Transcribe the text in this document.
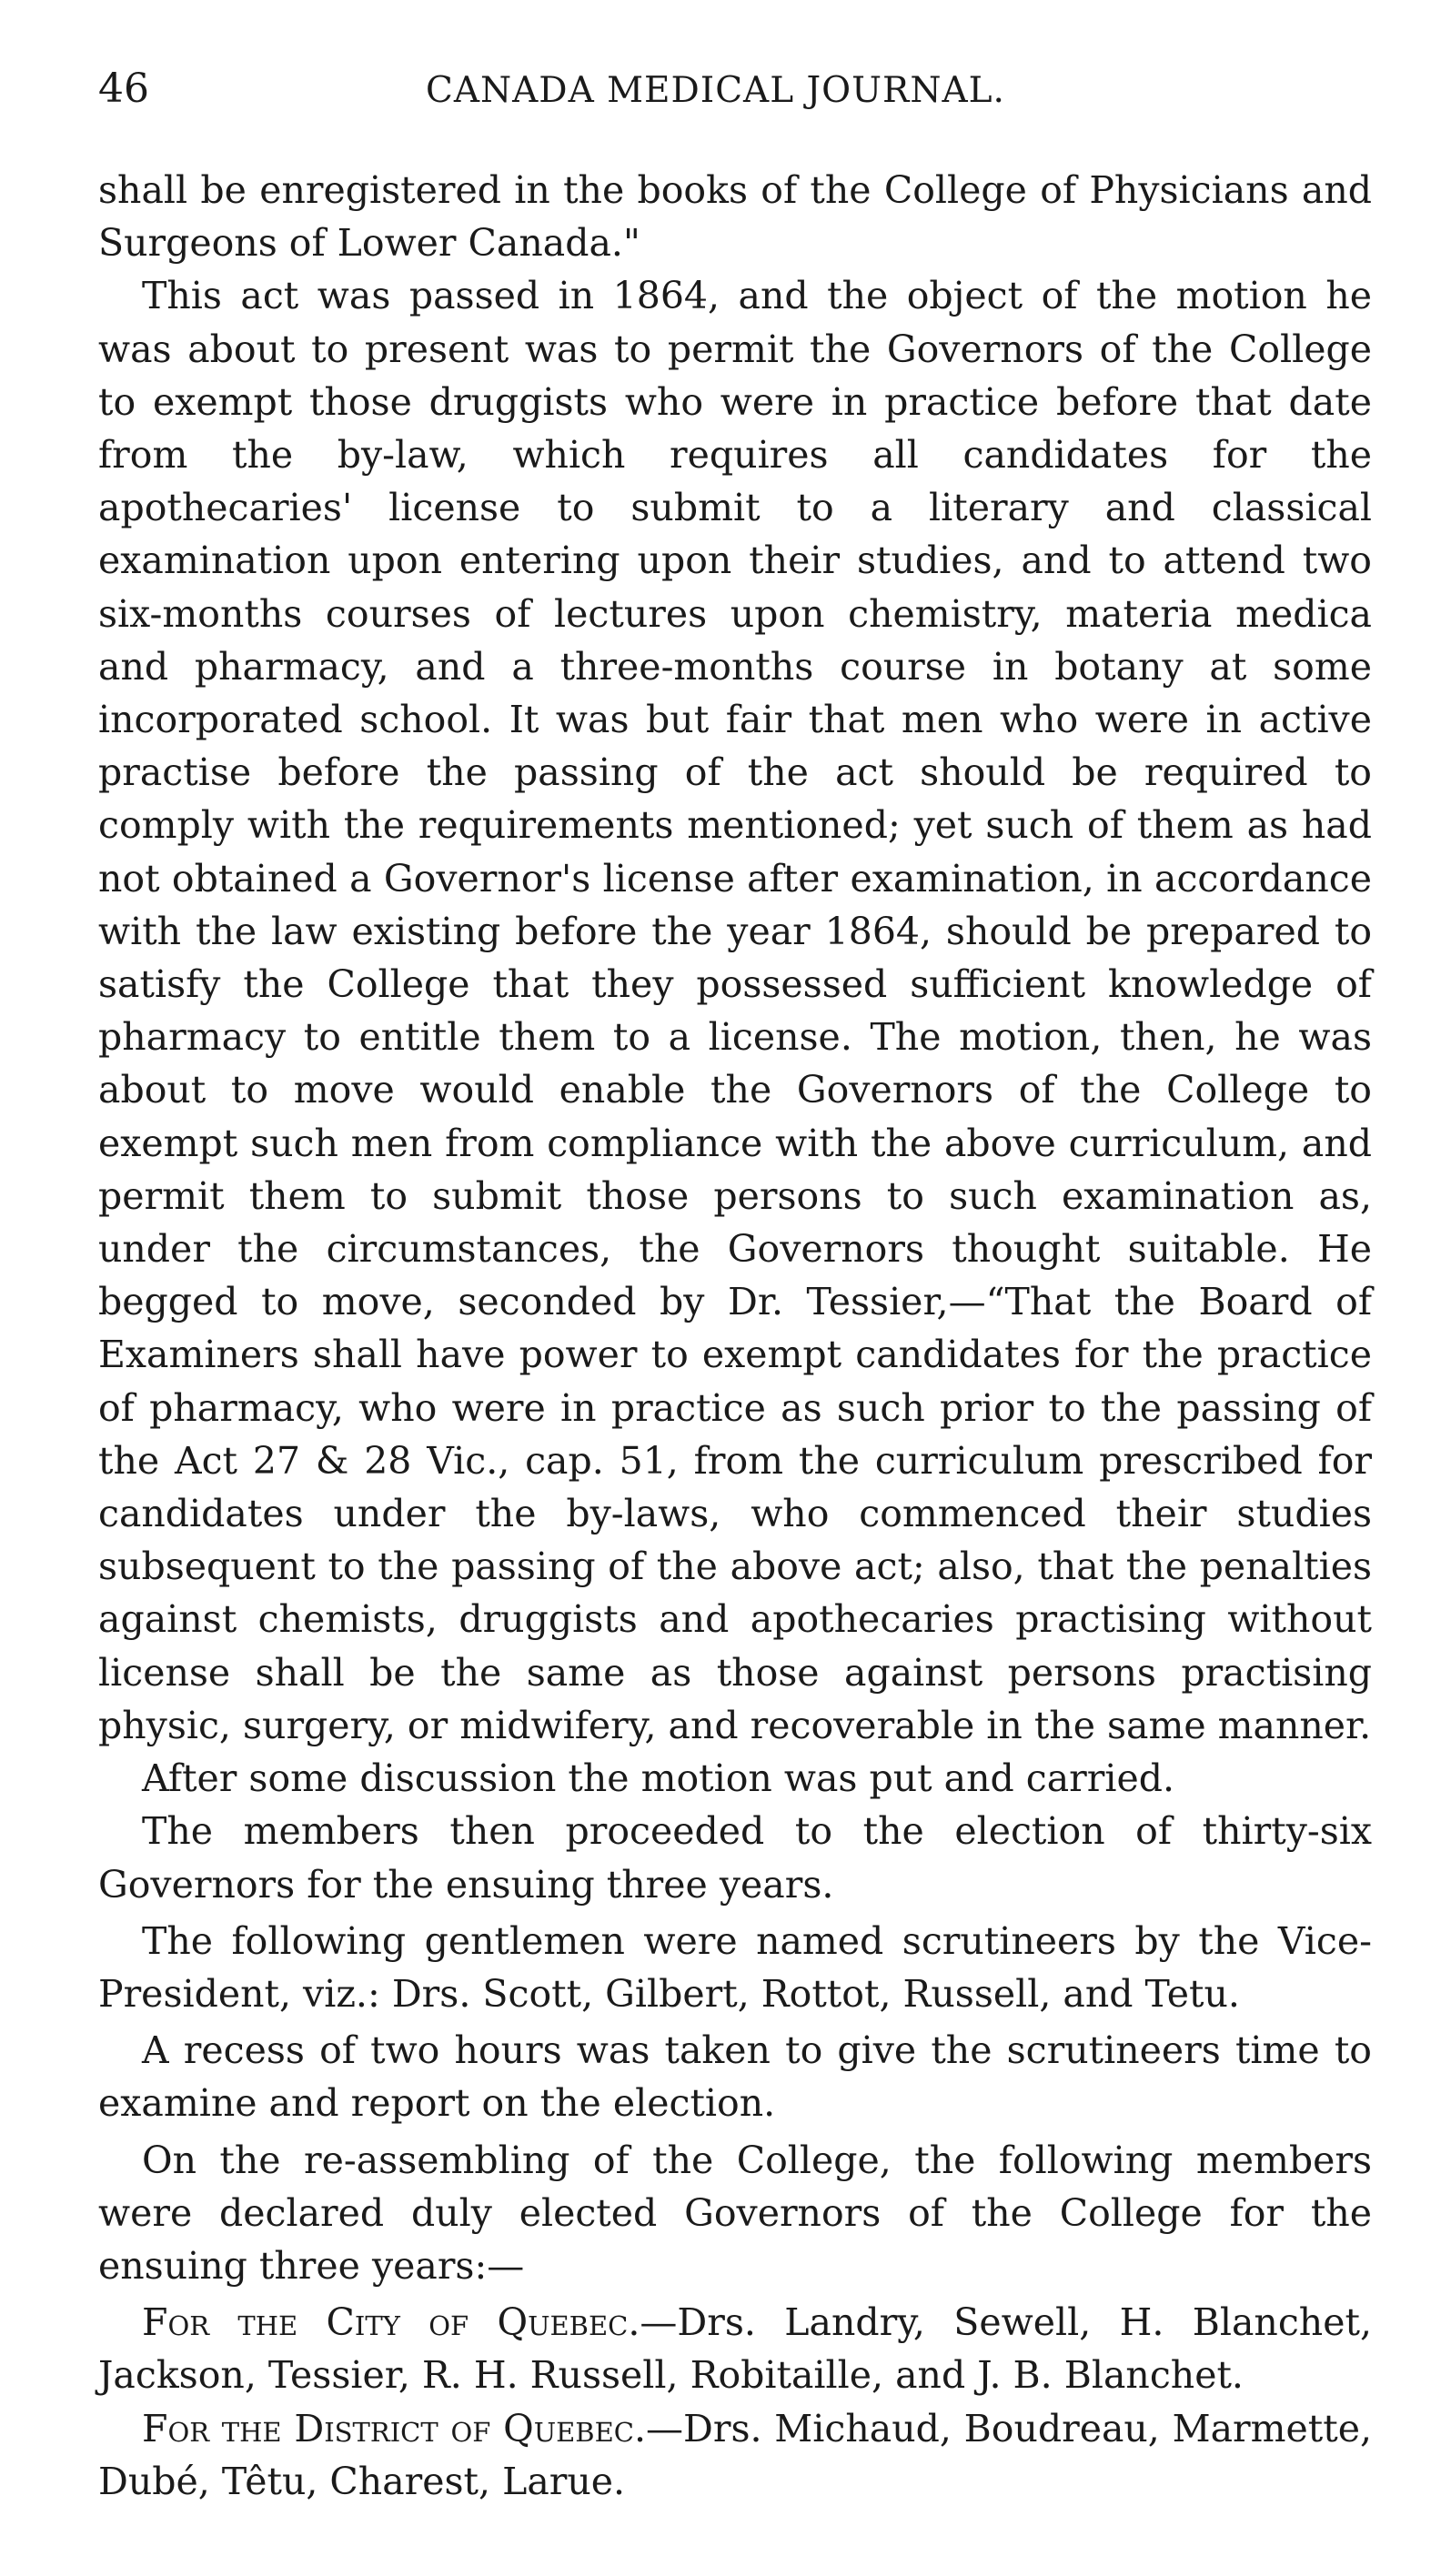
46	CANADA MEDICAL JOURNAL.

shall be enregistered in the books of the College of Physicians and Surgeons of Lower Canada."

This act was passed in 1864, and the object of the motion he was about to present was to permit the Governors of the College to exempt those druggists who were in practice before that date from the by-law, which requires all candidates for the apothecaries' license to submit to a literary and classical examination upon entering upon their studies, and to attend two six-months courses of lectures upon chemistry, materia medica and pharmacy, and a three-months course in botany at some incorporated school. It was but fair that men who were in active practise before the passing of the act should be required to comply with the requirements mentioned; yet such of them as had not obtained a Governor's license after examination, in accordance with the law existing before the year 1864, should be prepared to satisfy the College that they possessed sufficient knowledge of pharmacy to entitle them to a license. The motion, then, he was about to move would enable the Governors of the College to exempt such men from compliance with the above curriculum, and permit them to submit those persons to such examination as, under the circumstances, the Governors thought suitable. He begged to move, seconded by Dr. Tessier,—“That the Board of Examiners shall have power to exempt candidates for the practice of pharmacy, who were in practice as such prior to the passing of the Act 27 & 28 Vic., cap. 51, from the curriculum prescribed for candidates under the by-laws, who commenced their studies subsequent to the passing of the above act; also, that the penalties against chemists, druggists and apothecaries practising without license shall be the same as those against persons practising physic, surgery, or midwifery, and recoverable in the same manner.

After some discussion the motion was put and carried.

The members then proceeded to the election of thirty-six Governors for the ensuing three years.

The following gentlemen were named scrutineers by the Vice-President, viz.: Drs. Scott, Gilbert, Rottot, Russell, and Tetu.

A recess of two hours was taken to give the scrutineers time to examine and report on the election.

On the re-assembling of the College, the following members were declared duly elected Governors of the College for the ensuing three years:—

For the City of Quebec.—Drs. Landry, Sewell, H. Blanchet, Jackson, Tessier, R. H. Russell, Robitaille, and J. B. Blanchet.

For the District of Quebec.—Drs. Michaud, Boudreau, Marmette, Dubé, Têtu, Charest, Larue.
